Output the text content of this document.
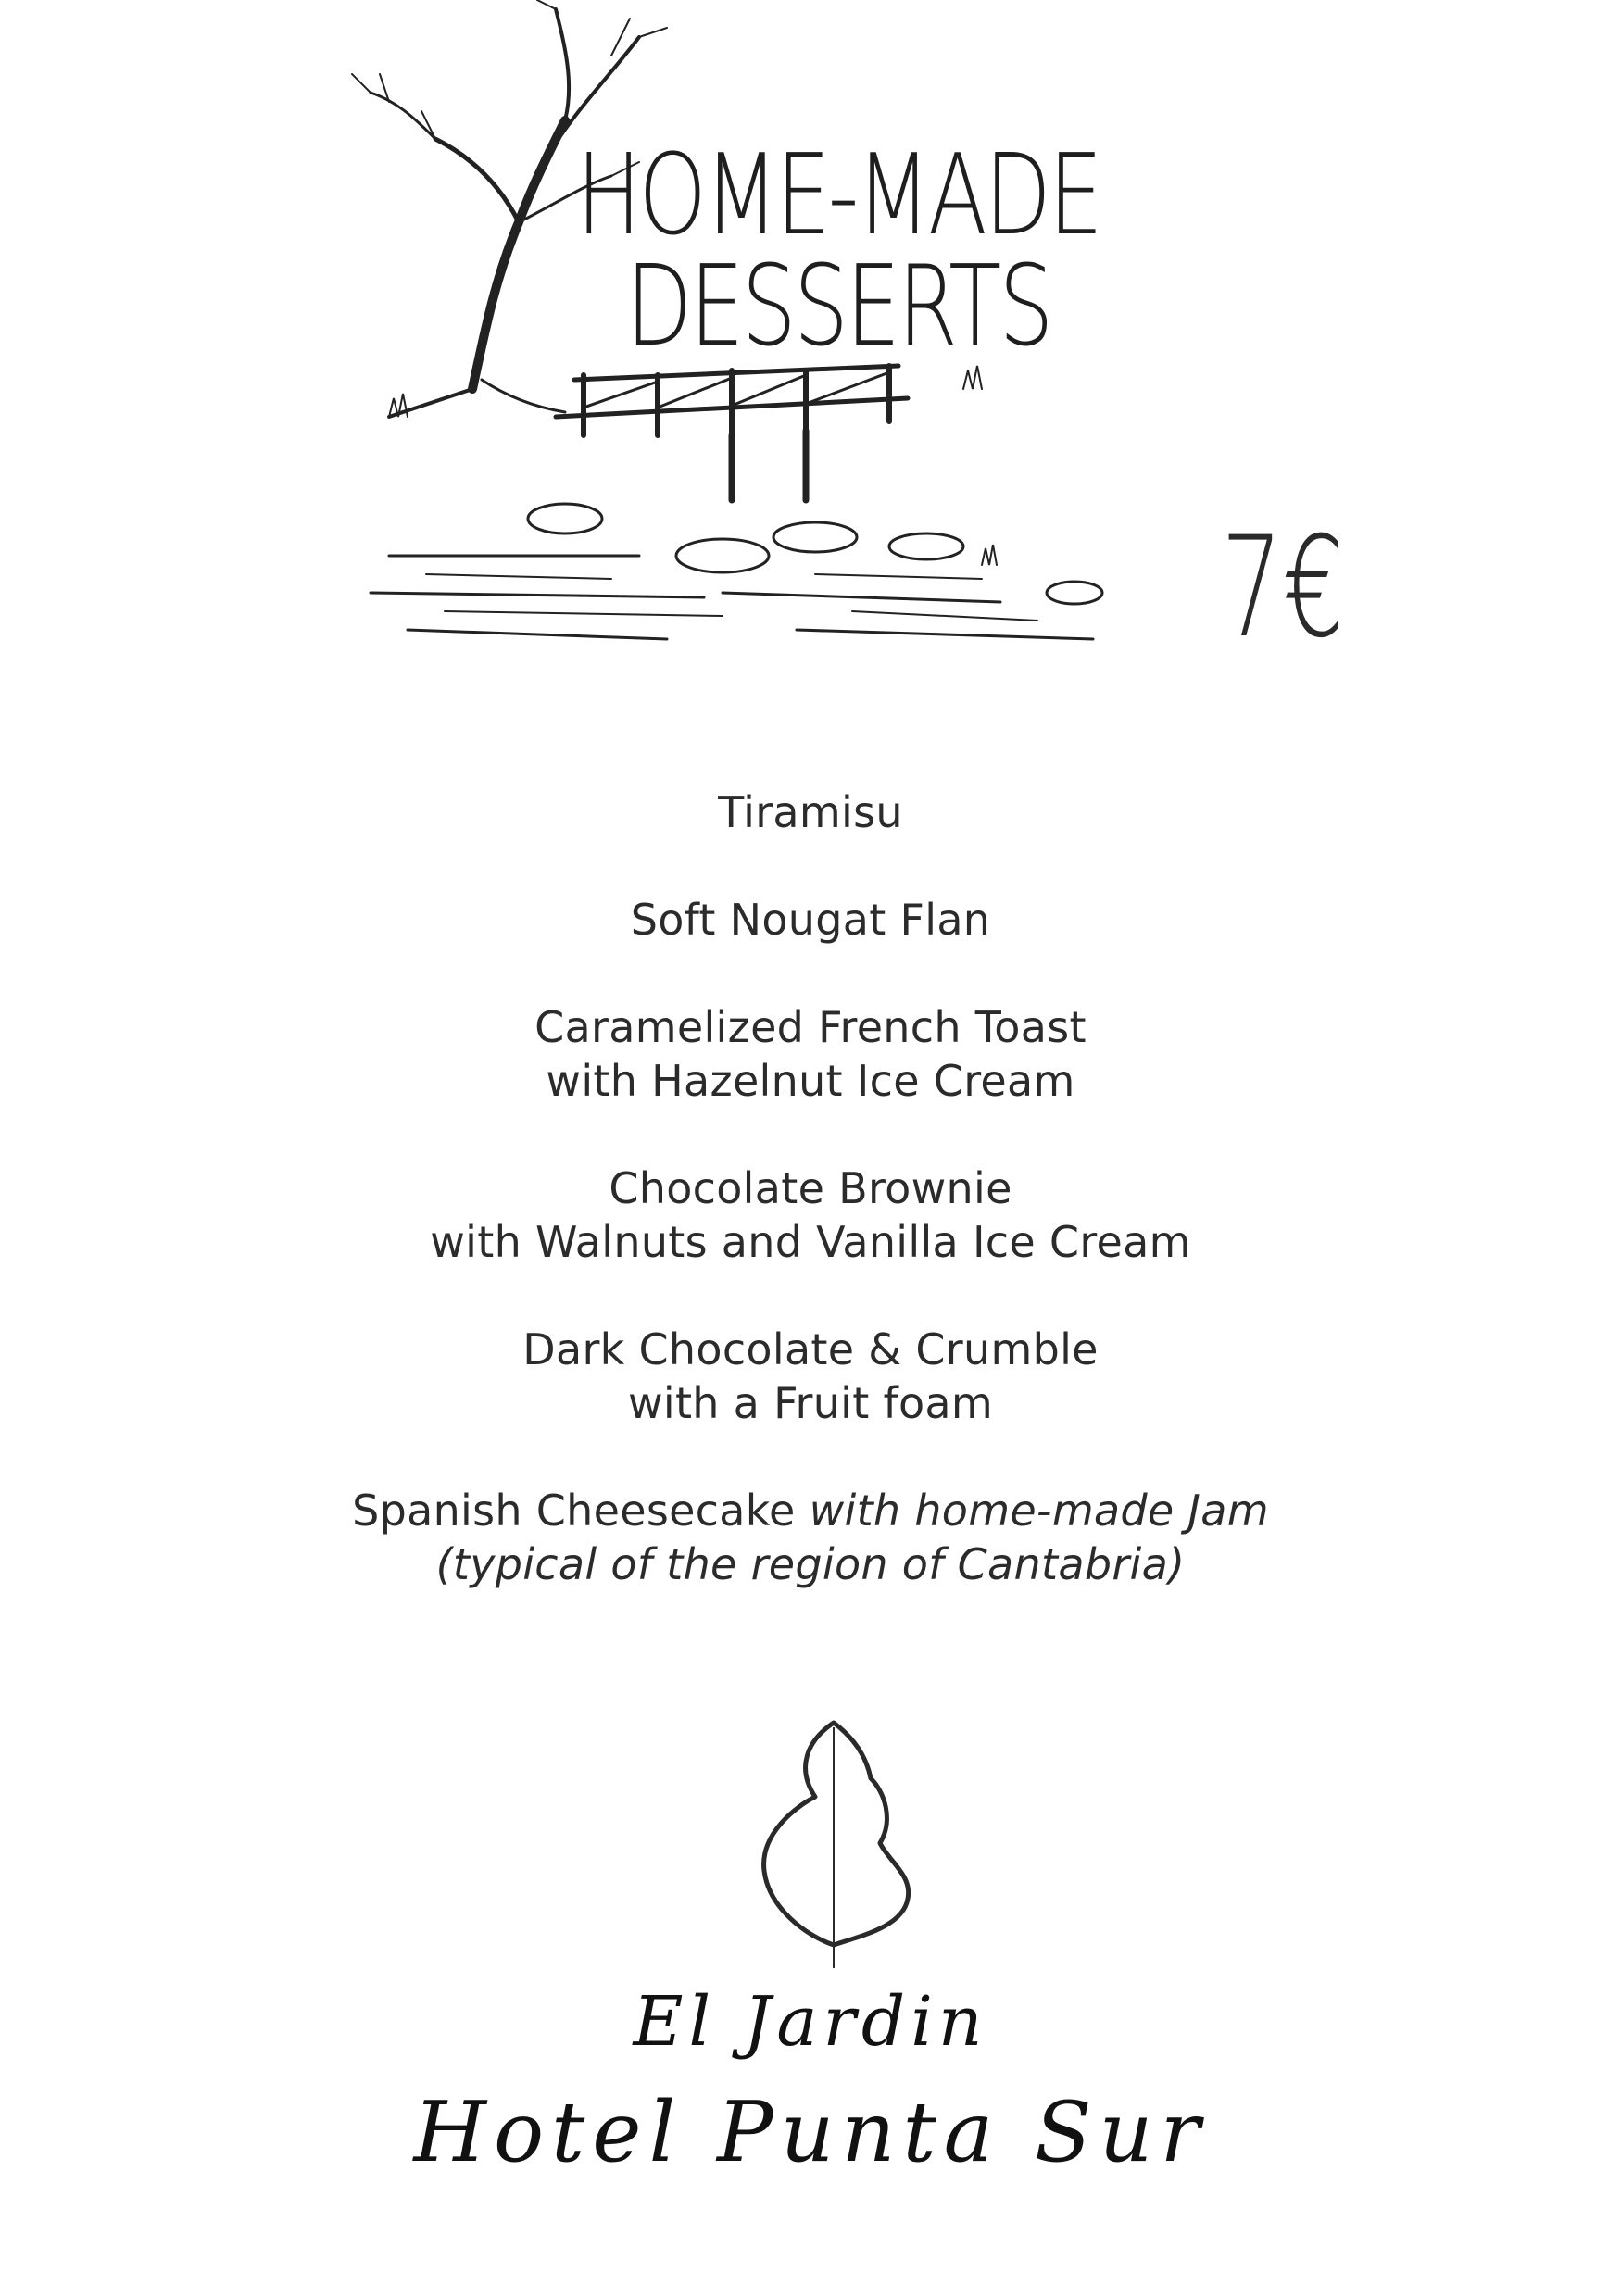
HOME-MADE
DESSERTS
7€
Tiramisu
Soft Nougat Flan
Caramelized French Toast
with Hazelnut Ice Cream
Chocolate Brownie
with Walnuts and Vanilla Ice Cream
Dark Chocolate & Crumble
with a Fruit foam
Spanish Cheesecake with home-made Jam
(typical of the region of Cantabria)
El Jardin
Hotel Punta Sur
